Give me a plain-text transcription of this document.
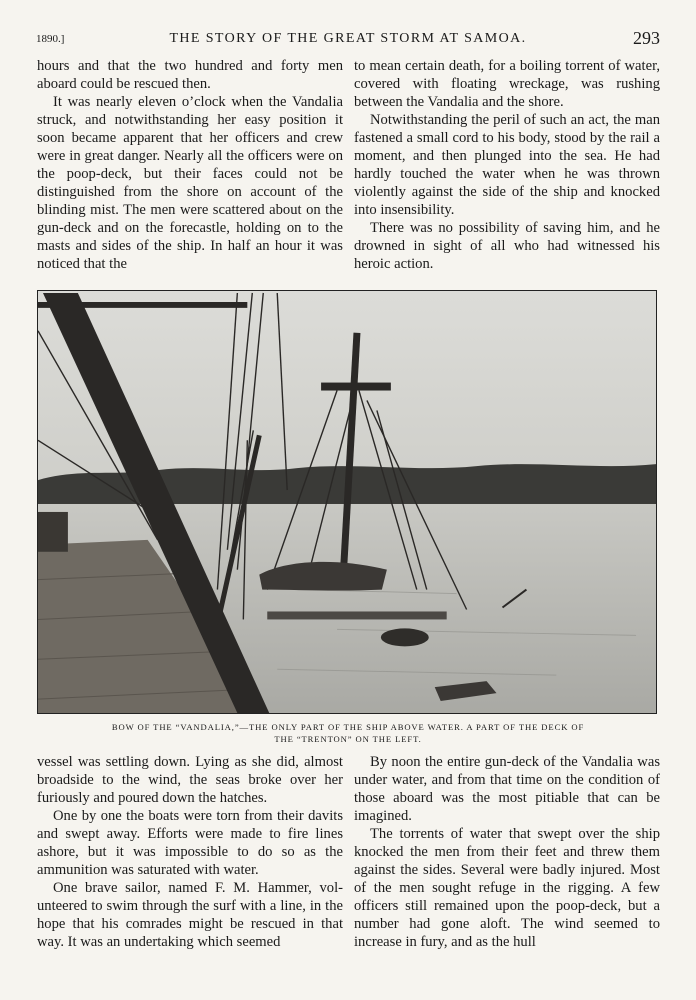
1890.]	THE STORY OF THE GREAT STORM AT SAMOA.	293

hours and that the two hundred and forty men aboard could be rescued then.

It was nearly eleven o’clock when the Vandalia struck, and notwithstanding her easy position it soon became apparent that her officers and crew were in great danger. Nearly all the officers were on the poop-deck, but their faces could not be distinguished from the shore on account of the blinding mist. The men were scattered about on the gun-deck and on the forecastle, holding on to the masts and sides of the ship. In half an hour it was noticed that the

to mean certain death, for a boiling torrent of water, covered with floating wreckage, was rushing between the Vandalia and the shore.

Notwithstanding the peril of such an act, the man fastened a small cord to his body, stood by the rail a moment, and then plunged into the sea. He had hardly touched the water when he was thrown violently against the side of the ship and knocked into insensibility.

There was no possibility of saving him, and he drowned in sight of all who had witnessed his heroic action.

BOW OF THE “VANDALIA,”—THE ONLY PART OF THE SHIP ABOVE WATER. A PART OF THE DECK OF
THE “TRENTON” ON THE LEFT.

vessel was settling down. Lying as she did, almost broadside to the wind, the seas broke over her furiously and poured down the hatches.

One by one the boats were torn from their davits and swept away. Efforts were made to fire lines ashore, but it was impossible to do so as the ammunition was saturated with water.

One brave sailor, named F. M. Hammer, volunteered to swim through the surf with a line, in the hope that his comrades might be rescued in that way. It was an undertaking which seemed

By noon the entire gun-deck of the Vandalia was under water, and from that time on the condition of those aboard was the most pitiable that can be imagined.

The torrents of water that swept over the ship knocked the men from their feet and threw them against the sides. Several were badly injured. Most of the men sought refuge in the rigging. A few officers still remained upon the poop-deck, but a number had gone aloft. The wind seemed to increase in fury, and as the hull
